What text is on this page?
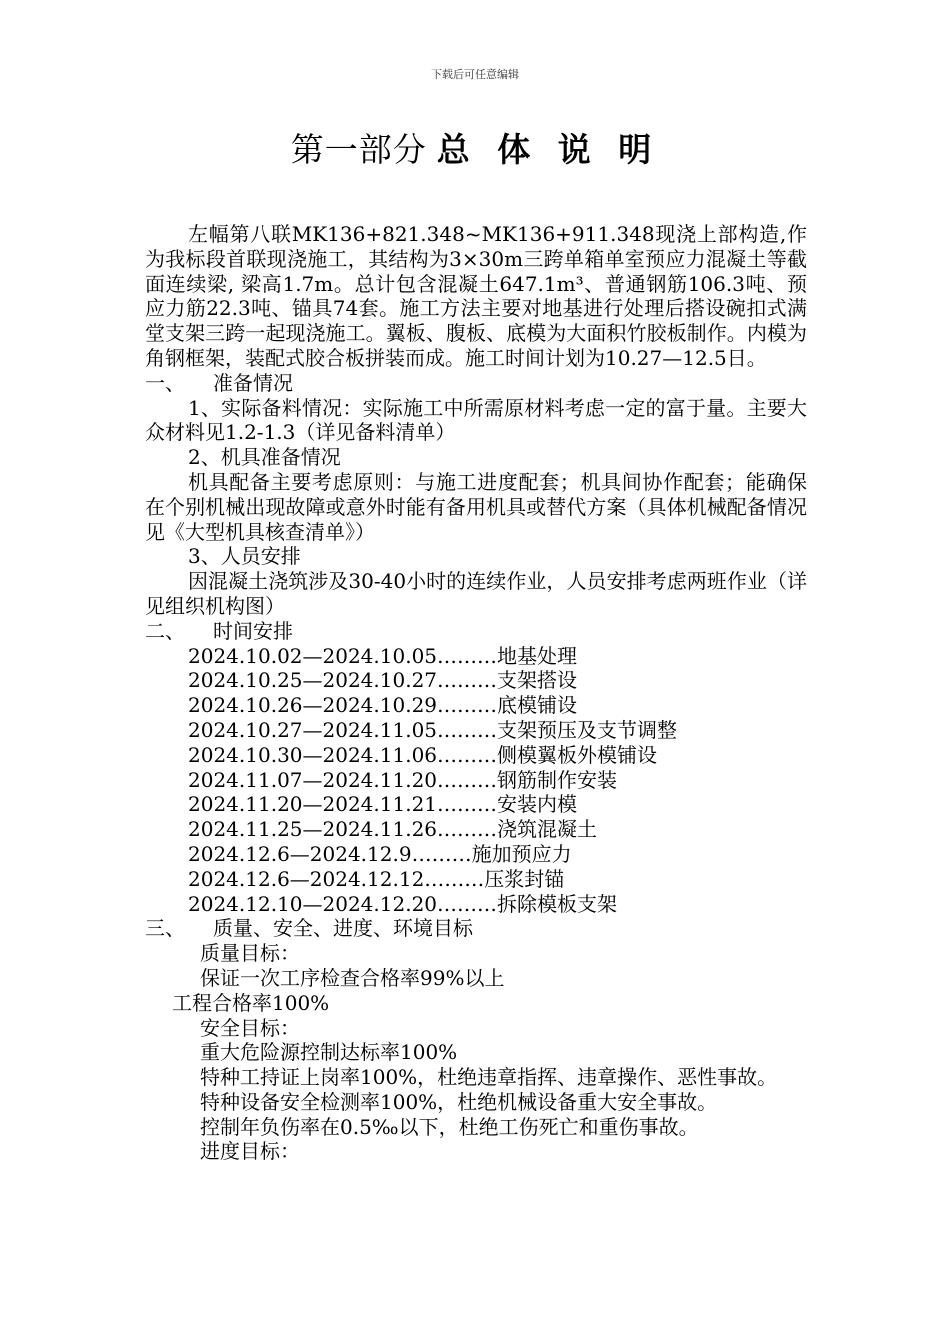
下载后可任意编辑
第一部分 总 体 说 明

左幅第八联MK136+821.348~MK136+911.348现浇上部构造,作为我标段首联现浇施工，其结构为3×30m三跨单箱单室预应力混凝土等截面连续梁, 梁高1.7m。总计包含混凝土647.1m³、普通钢筋106.3吨、预应力筋22.3吨、锚具74套。施工方法主要对地基进行处理后搭设碗扣式满堂支架三跨一起现浇施工。翼板、腹板、底模为大面积竹胶板制作。内模为角钢框架，装配式胶合板拼装而成。施工时间计划为10.27—12.5日。

一、 准备情况

1、实际备料情况：实际施工中所需原材料考虑一定的富于量。主要大众材料见1.2-1.3（详见备料清单）

2、机具准备情况

机具配备主要考虑原则：与施工进度配套；机具间协作配套；能确保在个别机械出现故障或意外时能有备用机具或替代方案（具体机械配备情况见《大型机具核查清单》）

3、人员安排

因混凝土浇筑涉及30-40小时的连续作业，人员安排考虑两班作业（详见组织机构图）

二、 时间安排

2024.10.02—2024.10.05………地基处理

2024.10.25—2024.10.27………支架搭设

2024.10.26—2024.10.29………底模铺设

2024.10.27—2024.11.05………支架预压及支节调整

2024.10.30—2024.11.06………侧模翼板外模铺设

2024.11.07—2024.11.20………钢筋制作安装

2024.11.20—2024.11.21………安装内模

2024.11.25—2024.11.26………浇筑混凝土

2024.12.6—2024.12.9………施加预应力

2024.12.6—2024.12.12………压浆封锚

2024.12.10—2024.12.20………拆除模板支架

三、 质量、安全、进度、环境目标

质量目标：

保证一次工序检查合格率99%以上

工程合格率100%

安全目标：

重大危险源控制达标率100%

特种工持证上岗率100%，杜绝违章指挥、违章操作、恶性事故。

特种设备安全检测率100%，杜绝机械设备重大安全事故。

控制年负伤率在0.5‰以下，杜绝工伤死亡和重伤事故。

进度目标：
